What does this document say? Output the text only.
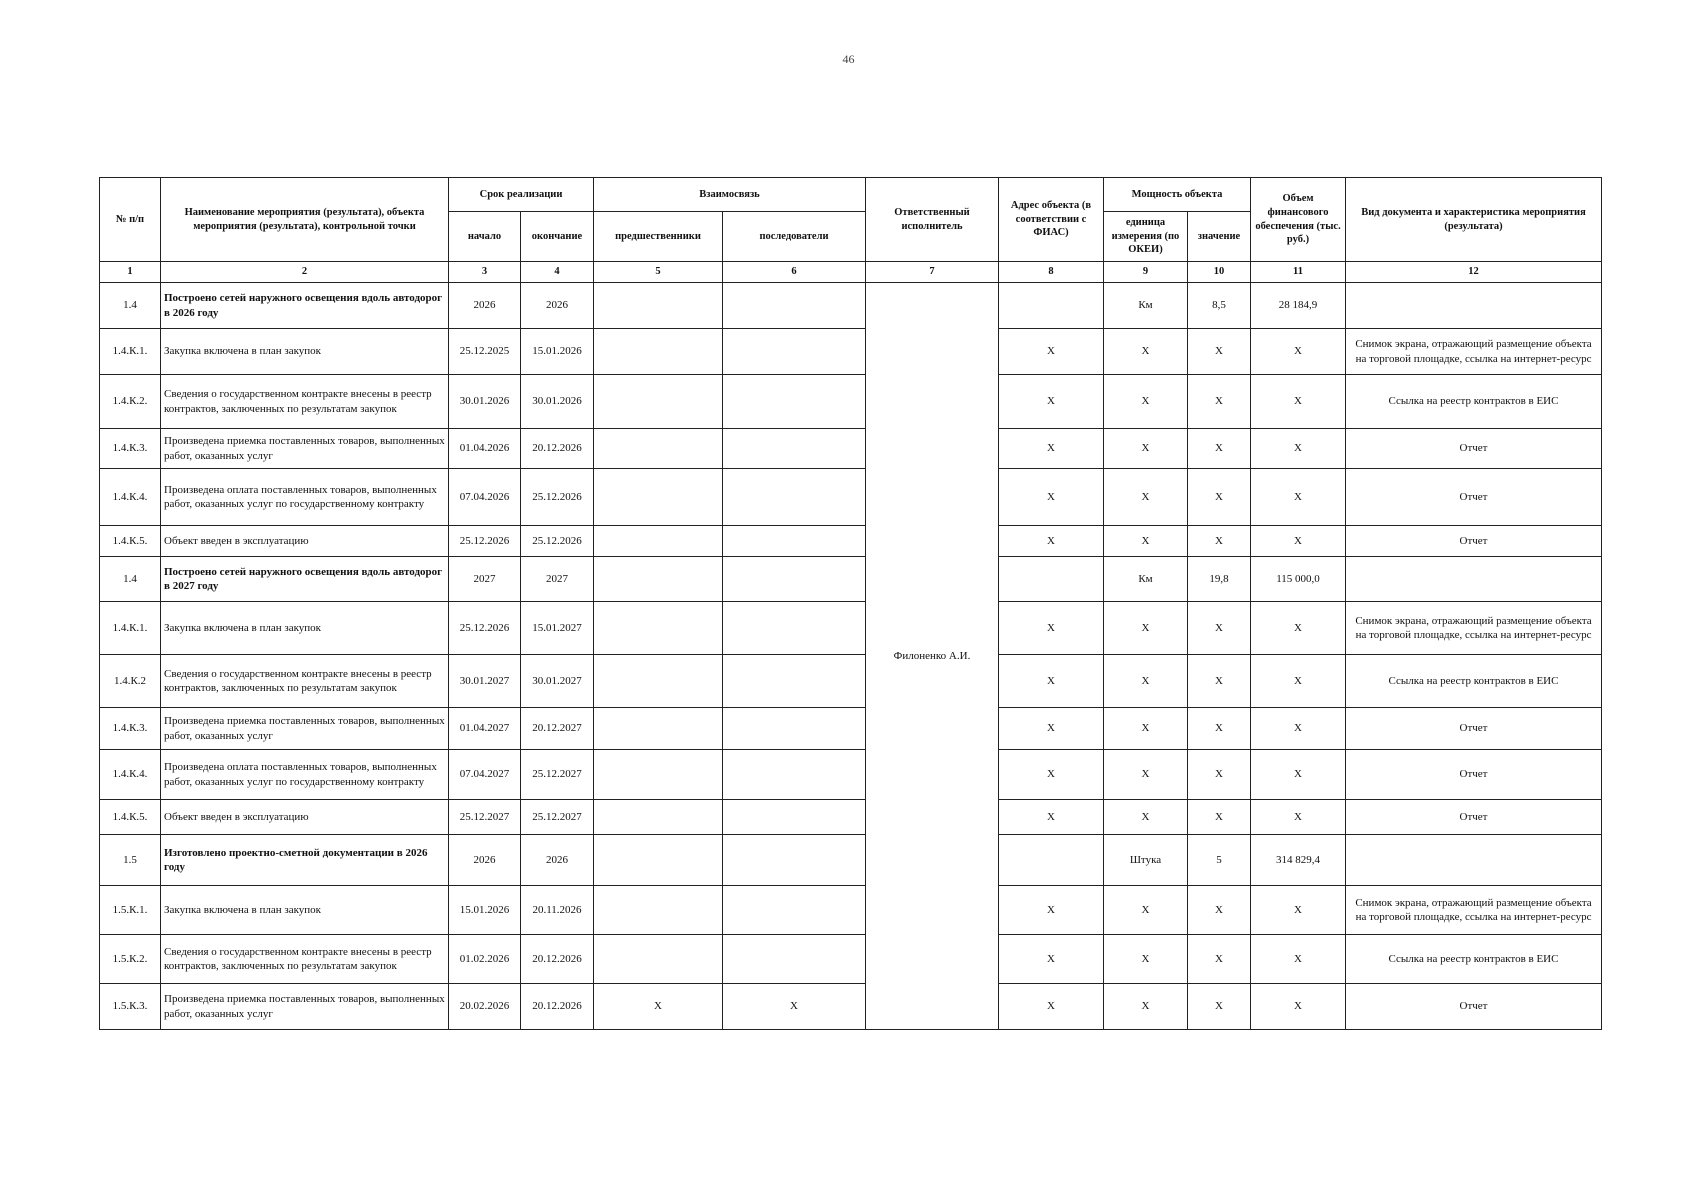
46
№ п/п	Наименование мероприятия (результата), объекта мероприятия (результата), контрольной точки	Срок реализации		Взаимосвязь		Ответственный исполнитель	Адрес объекта (в соответствии с ФИАС)	Мощность объекта		Объем финансового обеспечения (тыс. руб.)	Вид документа и характеристика мероприятия (результата)
		начало	окончание	предшественники	последователи			единица измерения (по ОКЕИ)	значение		
1	2	3	4	5	6	7	8	9	10	11	12
1.4	Построено сетей наружного освещения вдоль автодорог в 2026 году	2026	2026			Филоненко А.И.		Км	8,5	28 184,9	
1.4.К.1.	Закупка включена в план закупок	25.12.2025	15.01.2026				X	X	X	X	Снимок экрана, отражающий размещение объекта на торговой площадке, ссылка на интернет-ресурс
1.4.К.2.	Сведения о государственном контракте внесены в реестр контрактов, заключенных по результатам закупок	30.01.2026	30.01.2026				X	X	X	X	Ссылка на реестр контрактов в ЕИС
1.4.К.3.	Произведена приемка поставленных товаров, выполненных работ, оказанных услуг	01.04.2026	20.12.2026				X	X	X	X	Отчет
1.4.К.4.	Произведена оплата поставленных товаров, выполненных работ, оказанных услуг по государственному контракту	07.04.2026	25.12.2026				X	X	X	X	Отчет
1.4.К.5.	Объект введен в эксплуатацию	25.12.2026	25.12.2026				X	X	X	X	Отчет
1.4	Построено сетей наружного освещения вдоль автодорог в 2027 году	2027	2027					Км	19,8	115 000,0	
1.4.К.1.	Закупка включена в план закупок	25.12.2026	15.01.2027				X	X	X	X	Снимок экрана, отражающий размещение объекта на торговой площадке, ссылка на интернет-ресурс
1.4.К.2	Сведения о государственном контракте внесены в реестр контрактов, заключенных по результатам закупок	30.01.2027	30.01.2027				X	X	X	X	Ссылка на реестр контрактов в ЕИС
1.4.К.3.	Произведена приемка поставленных товаров, выполненных работ, оказанных услуг	01.04.2027	20.12.2027				X	X	X	X	Отчет
1.4.К.4.	Произведена оплата поставленных товаров, выполненных работ, оказанных услуг по государственному контракту	07.04.2027	25.12.2027				X	X	X	X	Отчет
1.4.К.5.	Объект введен в эксплуатацию	25.12.2027	25.12.2027				X	X	X	X	Отчет
1.5	Изготовлено проектно-сметной документации в 2026 году	2026	2026					Штука	5	314 829,4	
1.5.К.1.	Закупка включена в план закупок	15.01.2026	20.11.2026				X	X	X	X	Снимок экрана, отражающий размещение объекта на торговой площадке, ссылка на интернет-ресурс
1.5.К.2.	Сведения о государственном контракте внесены в реестр контрактов, заключенных по результатам закупок	01.02.2026	20.12.2026				X	X	X	X	Ссылка на реестр контрактов в ЕИС
1.5.К.3.	Произведена приемка поставленных товаров, выполненных работ, оказанных услуг	20.02.2026	20.12.2026	X	X		X	X	X	X	Отчет
